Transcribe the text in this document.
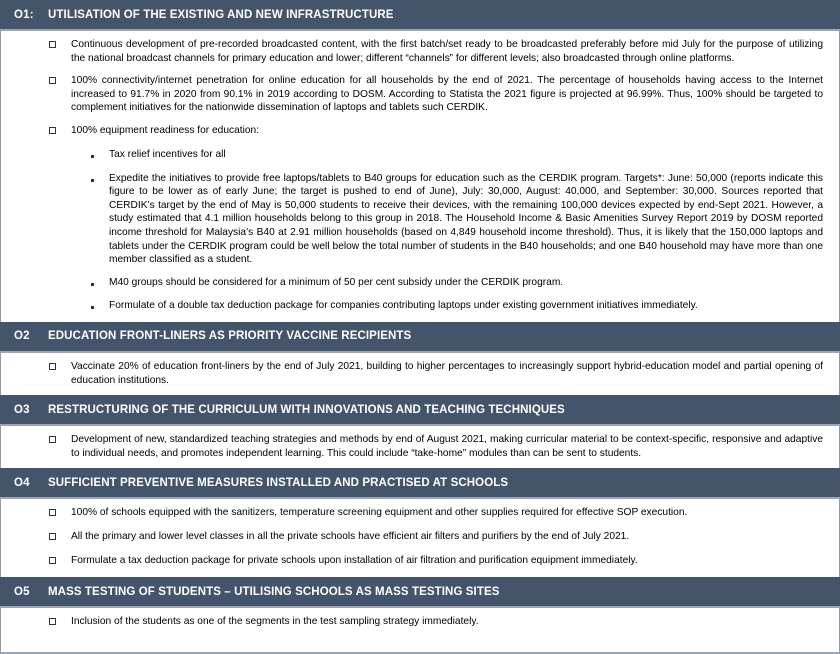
O1:	UTILISATION OF THE EXISTING AND NEW INFRASTRUCTURE
Continuous development of pre-recorded broadcasted content, with the first batch/set ready to be broadcasted preferably before mid July for the purpose of utilizing the national broadcast channels for primary education and lower; different “channels” for different levels; also broadcasted through online platforms.
100% connectivity/internet penetration for online education for all households by the end of 2021. The percentage of households having access to the Internet increased to 91.7% in 2020 from 90.1% in 2019 according to DOSM. According to Statista the 2021 figure is projected at 96.99%. Thus, 100% should be targeted to complement initiatives for the nationwide dissemination of laptops and tablets such CERDIK.
100% equipment readiness for education:
Tax relief incentives for all
Expedite the initiatives to provide free laptops/tablets to B40 groups for education such as the CERDIK program. Targets*: June: 50,000 (reports indicate this figure to be lower as of early June; the target is pushed to end of June), July: 30,000, August: 40,000, and September: 30,000. Sources reported that CERDIK’s target by the end of May is 50,000 students to receive their devices, with the remaining 100,000 devices expected by end-Sept 2021. However, a study estimated that 4.1 million households belong to this group in 2018. The Household Income & Basic Amenities Survey Report 2019 by DOSM reported income threshold for Malaysia’s B40 at 2.91 million households (based on 4,849 household income threshold). Thus, it is likely that the 150,000 laptops and tablets under the CERDIK program could be well below the total number of students in the B40 households; and one B40 household may have more than one member classified as a student.
M40 groups should be considered for a minimum of 50 per cent subsidy under the CERDIK program.
Formulate of a double tax deduction package for companies contributing laptops under existing government initiatives immediately.
O2	EDUCATION FRONT-LINERS AS PRIORITY VACCINE RECIPIENTS
Vaccinate 20% of education front-liners by the end of July 2021, building to higher percentages to increasingly support hybrid-education model and partial opening of education institutions.
O3	RESTRUCTURING OF THE CURRICULUM WITH INNOVATIONS AND TEACHING TECHNIQUES
Development of new, standardized teaching strategies and methods by end of August 2021, making curricular material to be context-specific, responsive and adaptive to individual needs, and promotes independent learning. This could include “take-home” modules than can be sent to students.
O4	SUFFICIENT PREVENTIVE MEASURES INSTALLED AND PRACTISED AT SCHOOLS
100% of schools equipped with the sanitizers, temperature screening equipment and other supplies required for effective SOP execution.
All the primary and lower level classes in all the private schools have efficient air filters and purifiers by the end of July 2021.
Formulate a tax deduction package for private schools upon installation of air filtration and purification equipment immediately.
O5	MASS TESTING OF STUDENTS – UTILISING SCHOOLS AS MASS TESTING SITES
Inclusion of the students as one of the segments in the test sampling strategy immediately.
